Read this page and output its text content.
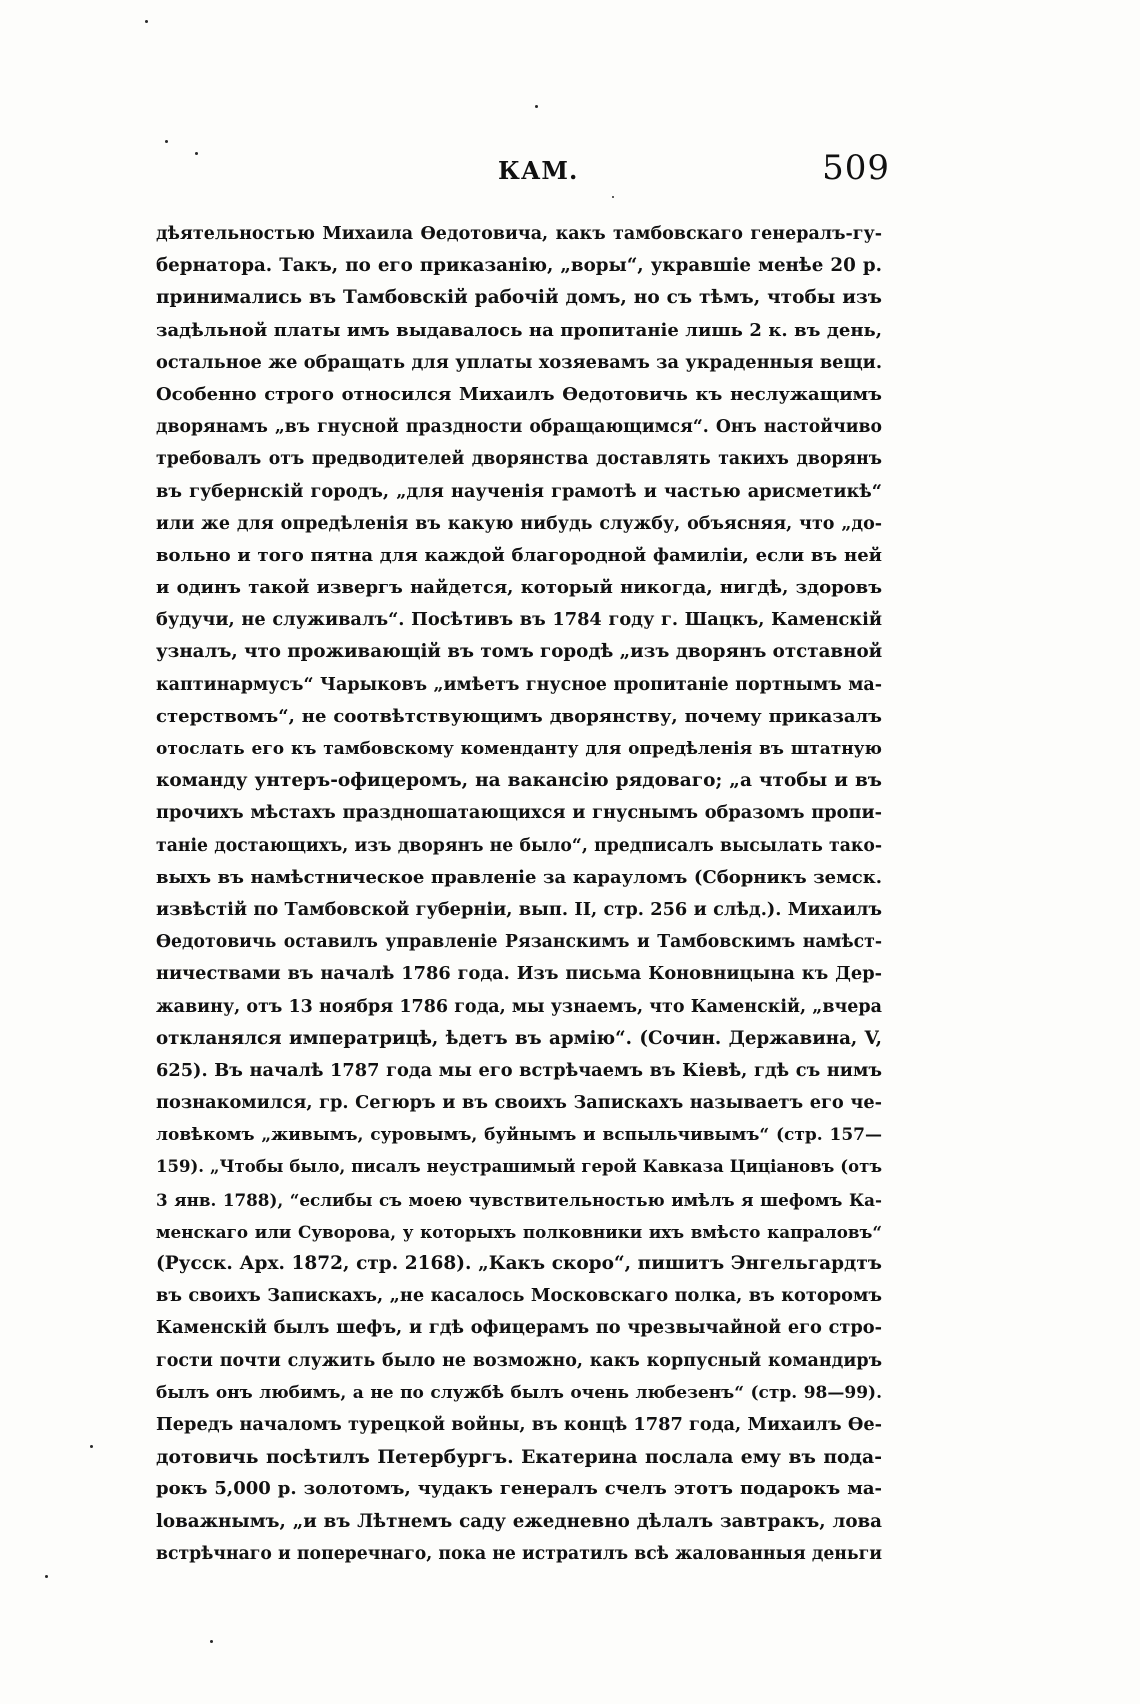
КАМ.	509
дѣятельностью Михаила Ѳедотовича, какъ тамбовскаго генералъ-гу-
бернатора. Такъ, по его приказанію, „воры“, укравшіе менѣе 20 р.
принимались въ Тамбовскій рабочій домъ, но съ тѣмъ, чтобы изъ
задѣльной платы имъ выдавалось на пропитаніе лишь 2 к. въ день,
остальное же обращать для уплаты хозяевамъ за украденныя вещи.
Особенно строго относился Михаилъ Ѳедотовичь къ неслужащимъ
дворянамъ „въ гнусной праздности обращающимся“. Онъ настойчиво
требовалъ отъ предводителей дворянства доставлять такихъ дворянъ
въ губернскій городъ, „для наученія грамотѣ и частью арисметикѣ“
или же для опредѣленія въ какую нибудь службу, объясняя, что „до-
вольно и того пятна для каждой благородной фамиліи, если въ ней
и одинъ такой извергъ найдется, который никогда, нигдѣ, здоровъ
будучи, не служивалъ“. Посѣтивъ въ 1784 году г. Шацкъ, Каменскій
узналъ, что проживающій въ томъ городѣ „изъ дворянъ отставной
каптинармусъ“ Чарыковъ „имѣетъ гнусное пропитаніе портнымъ ма-
стерствомъ“, не соотвѣтствующимъ дворянству, почему приказалъ
отослать его къ тамбовскому коменданту для опредѣленія въ штатную
команду унтеръ-офицеромъ, на вакансію рядоваго; „а чтобы и въ
прочихъ мѣстахъ праздношатающихся и гнуснымъ образомъ пропи-
таніе достающихъ, изъ дворянъ не было“, предписалъ высылать тако-
выхъ въ намѣстническое правленіе за карауломъ (Сборникъ земск.
извѣстій по Тамбовской губерніи, вып. II, стр. 256 и слѣд.). Михаилъ
Ѳедотовичь оставилъ управленіе Рязанскимъ и Тамбовскимъ намѣст-
ничествами въ началѣ 1786 года. Изъ письма Коновницына къ Дер-
жавину, отъ 13 ноября 1786 года, мы узнаемъ, что Каменскій, „вчера
откланялся императрицѣ, ѣдетъ въ армію“. (Сочин. Державина, V,
625). Въ началѣ 1787 года мы его встрѣчаемъ въ Кіевѣ, гдѣ съ нимъ
познакомился, гр. Сегюръ и въ своихъ Запискахъ называетъ его че-
ловѣкомъ „живымъ, суровымъ, буйнымъ и вспыльчивымъ“ (стр. 157—
159). „Чтобы было, писалъ неустрашимый герой Кавказа Циціановъ (отъ
3 янв. 1788), “еслибы съ моею чувствительностью имѣлъ я шефомъ Ка-
менскаго или Суворова, у которыхъ полковники ихъ вмѣсто капраловъ“
(Русск. Арх. 1872, стр. 2168). „Какъ скоро“, пишитъ Энгельгардтъ
въ своихъ Запискахъ, „не касалось Московскаго полка, въ которомъ
Каменскій былъ шефъ, и гдѣ офицерамъ по чрезвычайной его стро-
гости почти служить было не возможно, какъ корпусный командиръ
былъ онъ любимъ, а не по службѣ былъ очень любезенъ“ (стр. 98—99).
Передъ началомъ турецкой войны, въ концѣ 1787 года, Михаилъ Ѳе-
дотовичь посѣтилъ Петербургъ. Екатерина послала ему въ пода-
рокъ 5,000 р. золотомъ, чудакъ генералъ счелъ этотъ подарокъ ма-
loважнымъ, „и въ Лѣтнемъ саду ежедневно дѣлалъ завтракъ, лова
встрѣчнаго и поперечнаго, пока не истратилъ всѣ жалованныя деньги
